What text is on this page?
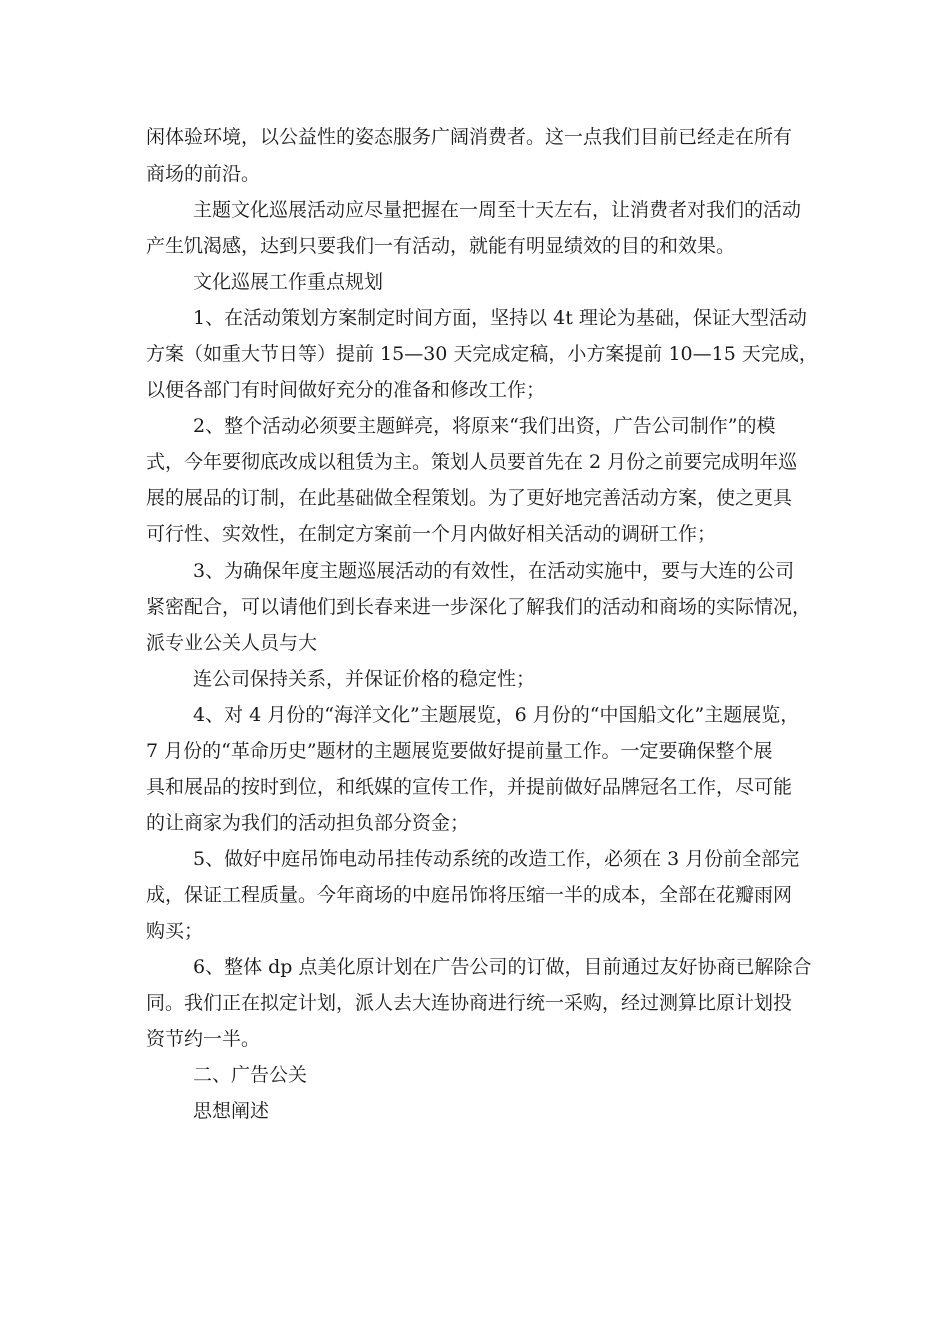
闲体验环境，以公益性的姿态服务广阔消费者。这一点我们目前已经走在所有
商场的前沿。
主题文化巡展活动应尽量把握在一周至十天左右，让消费者对我们的活动
产生饥渴感，达到只要我们一有活动，就能有明显绩效的目的和效果。
文化巡展工作重点规划
1、在活动策划方案制定时间方面，坚持以 4t 理论为基础，保证大型活动
方案（如重大节日等）提前 15—30 天完成定稿，小方案提前 10—15 天完成，
以便各部门有时间做好充分的准备和修改工作；
2、整个活动必须要主题鲜亮，将原来“我们出资，广告公司制作”的模
式，今年要彻底改成以租赁为主。策划人员要首先在 2 月份之前要完成明年巡
展的展品的订制，在此基础做全程策划。为了更好地完善活动方案，使之更具
可行性、实效性，在制定方案前一个月内做好相关活动的调研工作；
3、为确保年度主题巡展活动的有效性，在活动实施中，要与大连的公司
紧密配合，可以请他们到长春来进一步深化了解我们的活动和商场的实际情况，
派专业公关人员与大
连公司保持关系，并保证价格的稳定性；
4、对 4 月份的“海洋文化”主题展览，6 月份的“中国船文化”主题展览，
7 月份的“革命历史”题材的主题展览要做好提前量工作。一定要确保整个展
具和展品的按时到位，和纸媒的宣传工作，并提前做好品牌冠名工作，尽可能
的让商家为我们的活动担负部分资金；
5、做好中庭吊饰电动吊挂传动系统的改造工作，必须在 3 月份前全部完
成，保证工程质量。今年商场的中庭吊饰将压缩一半的成本，全部在花瓣雨网
购买；
6、整体 dp 点美化原计划在广告公司的订做，目前通过友好协商已解除合
同。我们正在拟定计划，派人去大连协商进行统一采购，经过测算比原计划投
资节约一半。
二、广告公关
思想阐述
